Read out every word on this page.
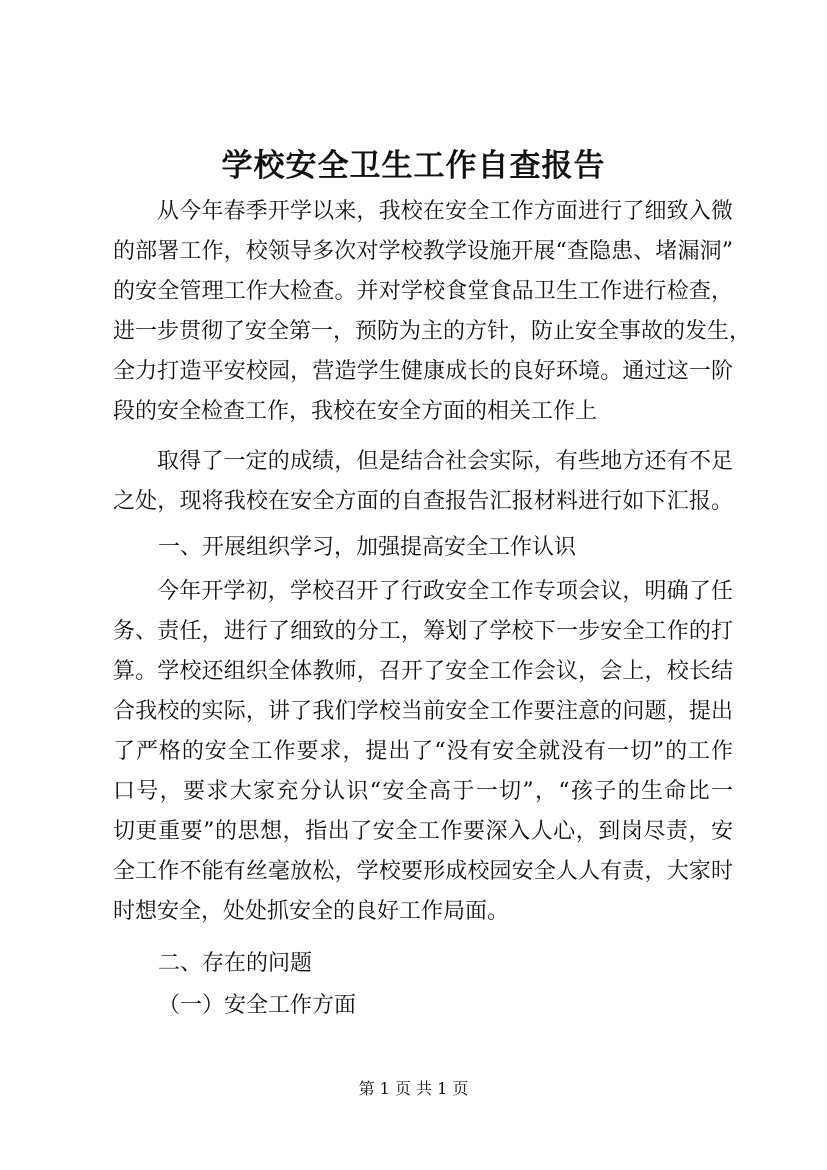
学校安全卫生工作自查报告
从今年春季开学以来，我校在安全工作方面进行了细致入微
的部署工作，校领导多次对学校教学设施开展“查隐患、堵漏洞”
的安全管理工作大检查。并对学校食堂食品卫生工作进行检查，
进一步贯彻了安全第一，预防为主的方针，防止安全事故的发生，
全力打造平安校园，营造学生健康成长的良好环境。通过这一阶
段的安全检查工作，我校在安全方面的相关工作上
取得了一定的成绩，但是结合社会实际，有些地方还有不足
之处，现将我校在安全方面的自查报告汇报材料进行如下汇报。
一、开展组织学习，加强提高安全工作认识
今年开学初，学校召开了行政安全工作专项会议，明确了任
务、责任，进行了细致的分工，筹划了学校下一步安全工作的打
算。学校还组织全体教师，召开了安全工作会议，会上，校长结
合我校的实际，讲了我们学校当前安全工作要注意的问题，提出
了严格的安全工作要求，提出了“没有安全就没有一切”的工作
口号，要求大家充分认识“安全高于一切”，“孩子的生命比一
切更重要”的思想，指出了安全工作要深入人心，到岗尽责，安
全工作不能有丝毫放松，学校要形成校园安全人人有责，大家时
时想安全，处处抓安全的良好工作局面。
二、存在的问题
（一）安全工作方面
第 1 页 共 1 页
